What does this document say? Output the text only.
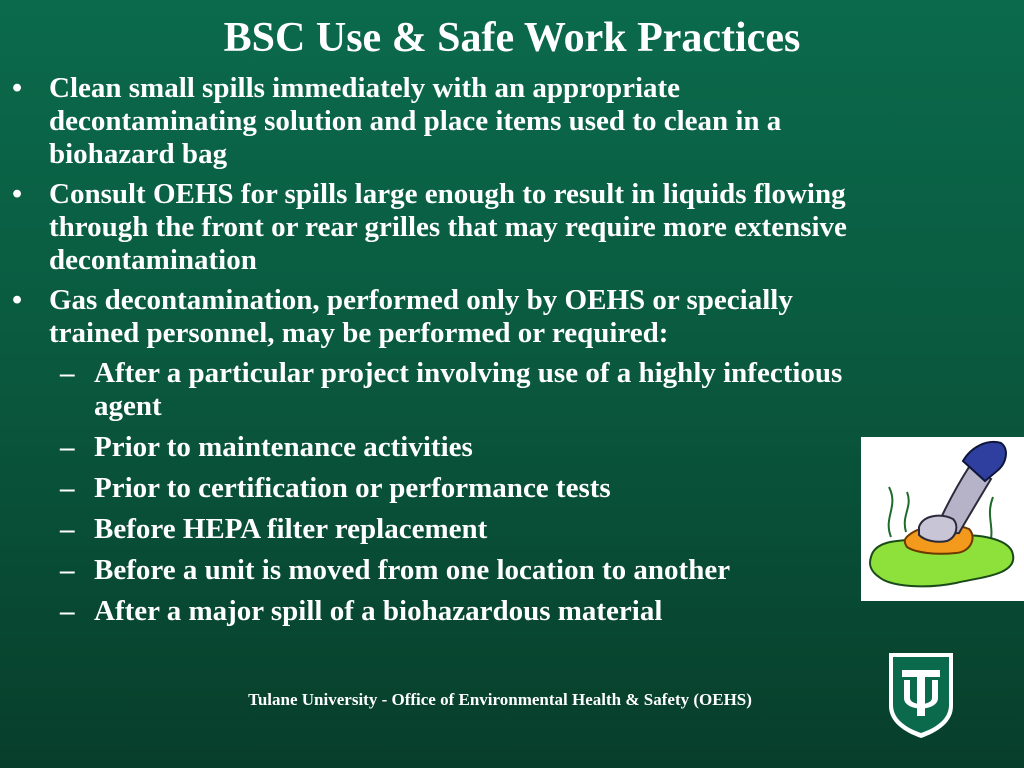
BSC Use & Safe Work Practices
• Clean small spills immediately with an appropriate decontaminating solution and place items used to clean in a biohazard bag
• Consult OEHS for spills large enough to result in liquids flowing through the front or rear grilles that may require more extensive decontamination
• Gas decontamination, performed only by OEHS or specially trained personnel, may be performed or required:
– After a particular project involving use of a highly infectious agent
– Prior to maintenance activities
– Prior to certification or performance tests
– Before HEPA filter replacement
– Before a unit is moved from one location to another
– After a major spill of a biohazardous material
Tulane University - Office of Environmental Health & Safety (OEHS)
